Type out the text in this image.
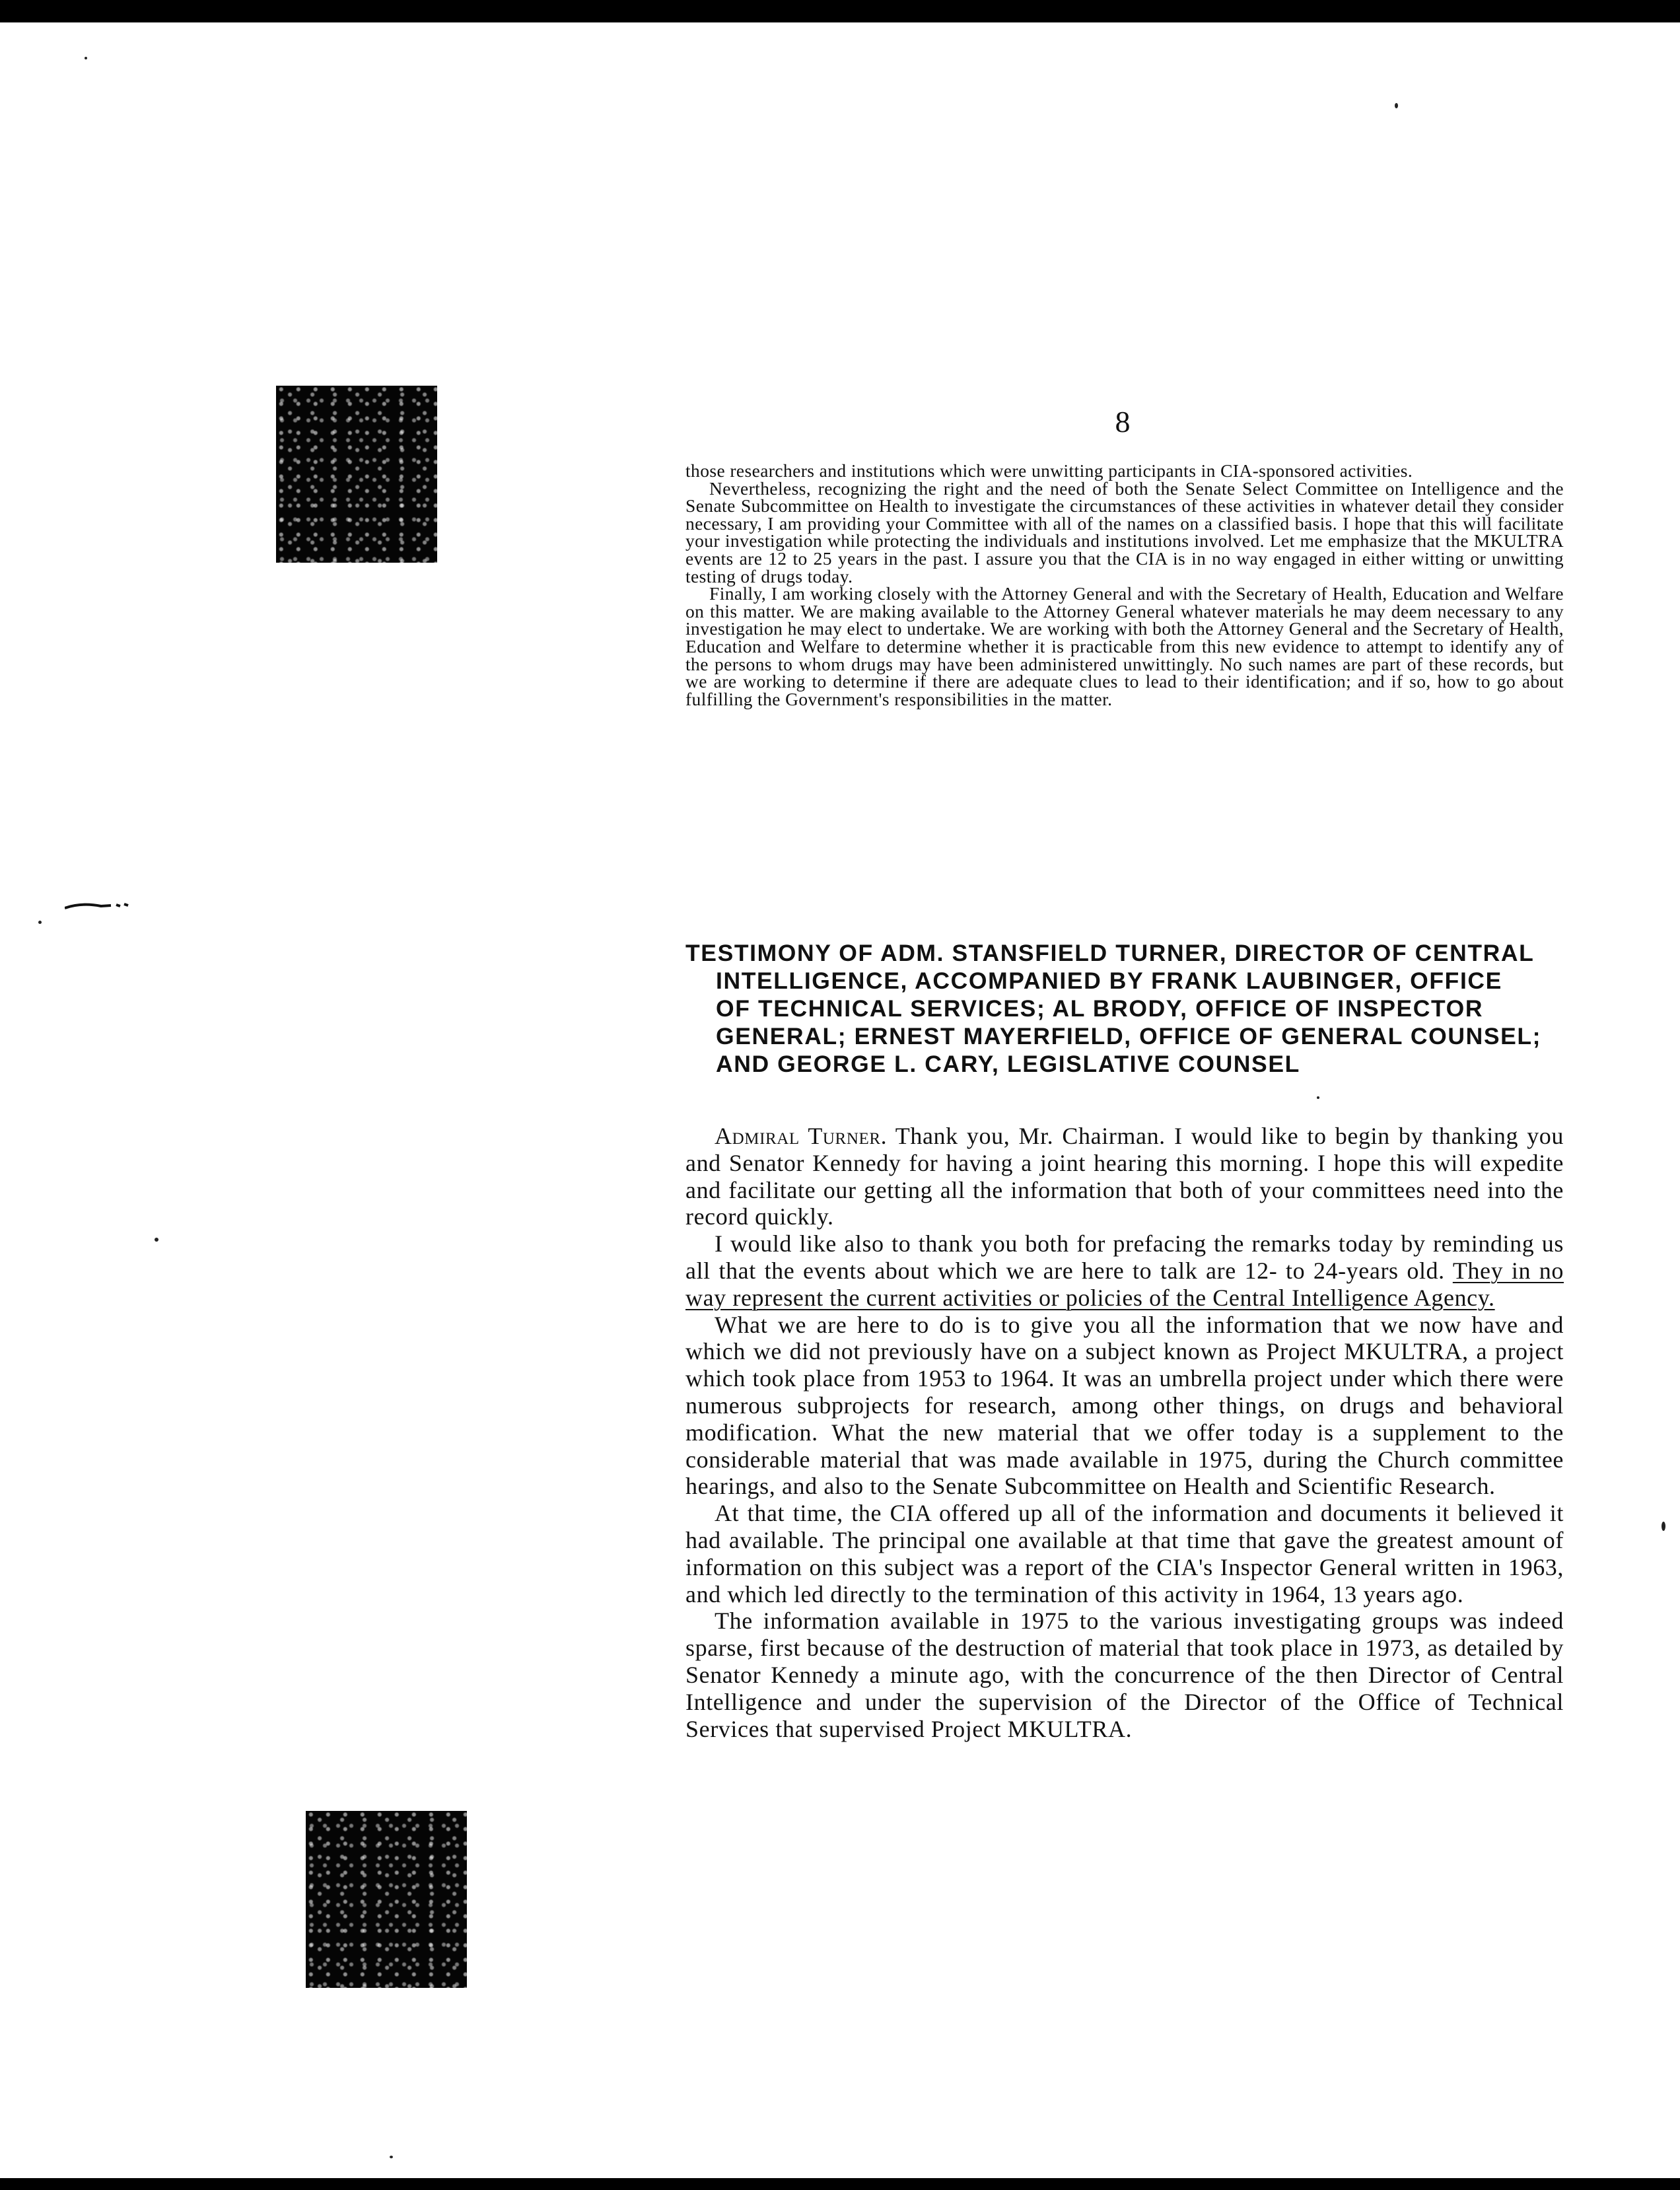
8

those researchers and institutions which were unwitting participants in CIA-sponsored activities.

Nevertheless, recognizing the right and the need of both the Senate Select Committee on Intelligence and the Senate Subcommittee on Health to investigate the circumstances of these activities in whatever detail they consider necessary, I am providing your Committee with all of the names on a classified basis. I hope that this will facilitate your investigation while protecting the individuals and institutions involved. Let me emphasize that the MKULTRA events are 12 to 25 years in the past. I assure you that the CIA is in no way engaged in either witting or unwitting testing of drugs today.

Finally, I am working closely with the Attorney General and with the Secretary of Health, Education and Welfare on this matter. We are making available to the Attorney General whatever materials he may deem necessary to any investigation he may elect to undertake. We are working with both the Attorney General and the Secretary of Health, Education and Welfare to determine whether it is practicable from this new evidence to attempt to identify any of the persons to whom drugs may have been administered unwittingly. No such names are part of these records, but we are working to determine if there are adequate clues to lead to their identification; and if so, how to go about fulfilling the Government's responsibilities in the matter.

TESTIMONY OF ADM. STANSFIELD TURNER, DIRECTOR OF CENTRAL
INTELLIGENCE, ACCOMPANIED BY FRANK LAUBINGER, OFFICE
OF TECHNICAL SERVICES; AL BRODY, OFFICE OF INSPECTOR
GENERAL; ERNEST MAYERFIELD, OFFICE OF GENERAL COUNSEL;
AND GEORGE L. CARY, LEGISLATIVE COUNSEL

Admiral Turner. Thank you, Mr. Chairman. I would like to begin by thanking you and Senator Kennedy for having a joint hearing this morning. I hope this will expedite and facilitate our getting all the information that both of your committees need into the record quickly.

I would like also to thank you both for prefacing the remarks today by reminding us all that the events about which we are here to talk are 12- to 24-years old. They in no way represent the current activities or policies of the Central Intelligence Agency.

What we are here to do is to give you all the information that we now have and which we did not previously have on a subject known as Project MKULTRA, a project which took place from 1953 to 1964. It was an umbrella project under which there were numerous subprojects for research, among other things, on drugs and behavioral modification. What the new material that we offer today is a supplement to the considerable material that was made available in 1975, during the Church committee hearings, and also to the Senate Subcommittee on Health and Scientific Research.

At that time, the CIA offered up all of the information and documents it believed it had available. The principal one available at that time that gave the greatest amount of information on this subject was a report of the CIA's Inspector General written in 1963, and which led directly to the termination of this activity in 1964, 13 years ago.

The information available in 1975 to the various investigating groups was indeed sparse, first because of the destruction of material that took place in 1973, as detailed by Senator Kennedy a minute ago, with the concurrence of the then Director of Central Intelligence and under the supervision of the Director of the Office of Technical Services that supervised Project MKULTRA.
